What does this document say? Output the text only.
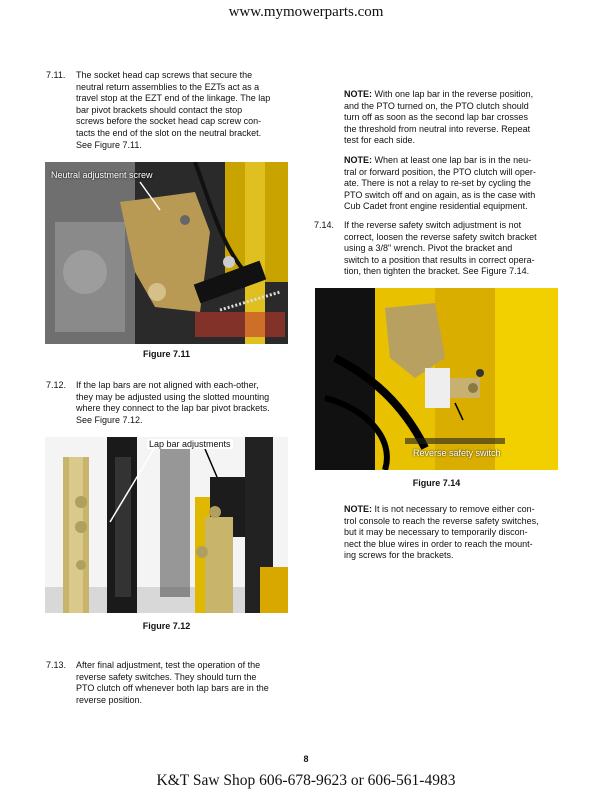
www.mymowerparts.com
7.11. The socket head cap screws that secure the
neutral return assemblies to the EZTs act as a
travel stop at the EZT end of the linkage. The lap
bar pivot brackets should contact the stop
screws before the socket head cap screw con-
tacts the end of the slot on the neutral bracket.
See Figure 7.11.
Neutral adjustment screw
Figure 7.11
7.12. If the lap bars are not aligned with each-other,
they may be adjusted using the slotted mounting
where they connect to the lap bar pivot brackets.
See Figure 7.12.
Lap bar adjustments
Figure 7.12
7.13. After final adjustment, test the operation of the
reverse safety switches. They should turn the
PTO clutch off whenever both lap bars are in the
reverse position.
NOTE: With one lap bar in the reverse position,
and the PTO turned on, the PTO clutch should
turn off as soon as the second lap bar crosses
the threshold from neutral into reverse. Repeat
test for each side.
NOTE: When at least one lap bar is in the neu-
tral or forward position, the PTO clutch will oper-
ate. There is not a relay to re-set by cycling the
PTO switch off and on again, as is the case with
Cub Cadet front engine residential equipment.
7.14. If the reverse safety switch adjustment is not
correct, loosen the reverse safety switch bracket
using a 3/8" wrench. Pivot the bracket and
switch to a position that results in correct opera-
tion, then tighten the bracket. See Figure 7.14.
Reverse safety switch
Figure 7.14
NOTE: It is not necessary to remove either con-
trol console to reach the reverse safety switches,
but it may be necessary to temporarily discon-
nect the blue wires in order to reach the mount-
ing screws for the brackets.
8
K&T Saw Shop 606-678-9623 or 606-561-4983
